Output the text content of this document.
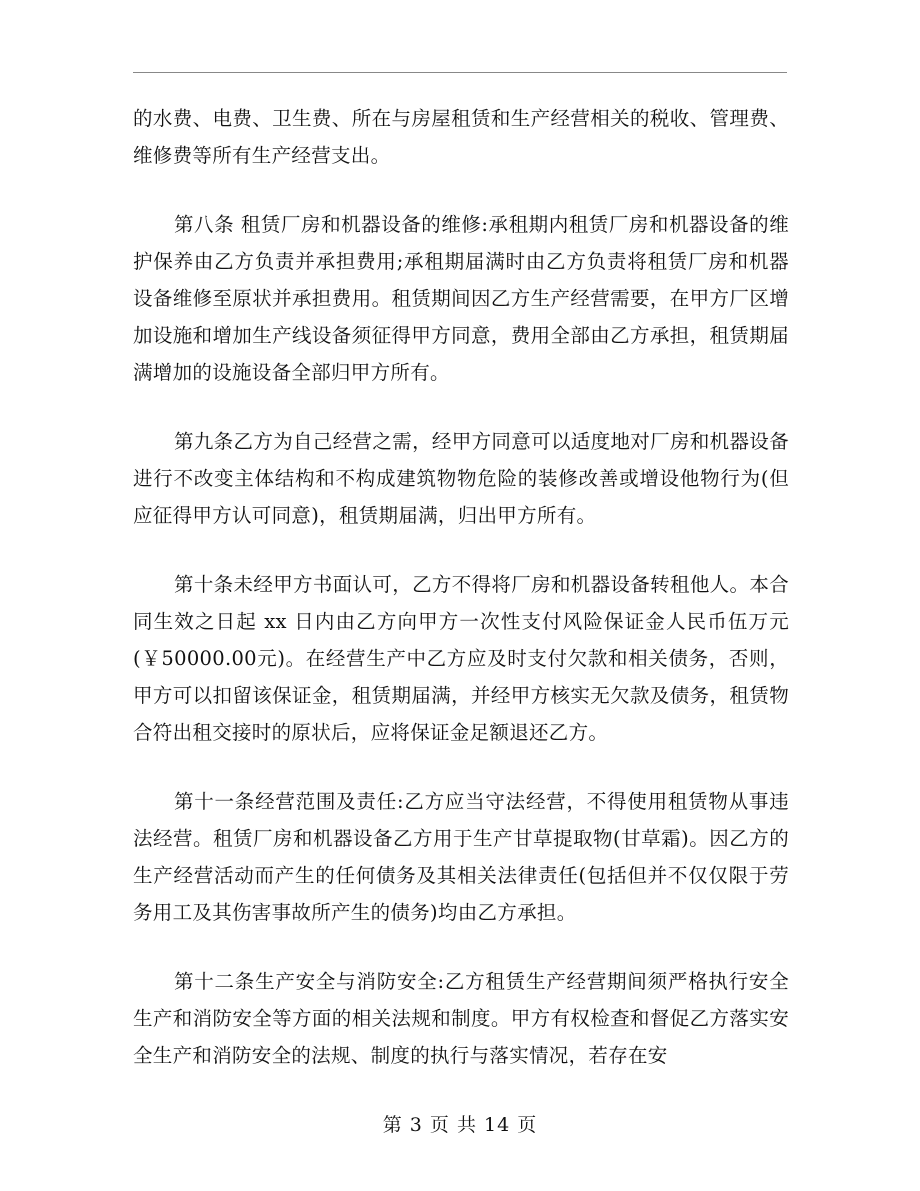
的水费、电费、卫生费、所在与房屋租赁和生产经营相关的税收、管理费、维修费等所有生产经营支出。

第八条 租赁厂房和机器设备的维修:承租期内租赁厂房和机器设备的维护保养由乙方负责并承担费用;承租期届满时由乙方负责将租赁厂房和机器设备维修至原状并承担费用。租赁期间因乙方生产经营需要，在甲方厂区增加设施和增加生产线设备须征得甲方同意，费用全部由乙方承担，租赁期届满增加的设施设备全部归甲方所有。

第九条乙方为自己经营之需，经甲方同意可以适度地对厂房和机器设备进行不改变主体结构和不构成建筑物物危险的装修改善或增设他物行为(但应征得甲方认可同意)，租赁期届满，归出甲方所有。

第十条未经甲方书面认可，乙方不得将厂房和机器设备转租他人。本合同生效之日起 xx 日内由乙方向甲方一次性支付风险保证金人民币伍万元(￥50000.00元)。在经营生产中乙方应及时支付欠款和相关债务，否则，甲方可以扣留该保证金，租赁期届满，并经甲方核实无欠款及债务，租赁物合符出租交接时的原状后，应将保证金足额退还乙方。

第十一条经营范围及责任:乙方应当守法经营，不得使用租赁物从事违法经营。租赁厂房和机器设备乙方用于生产甘草提取物(甘草霜)。因乙方的生产经营活动而产生的任何债务及其相关法律责任(包括但并不仅仅限于劳务用工及其伤害事故所产生的债务)均由乙方承担。

第十二条生产安全与消防安全:乙方租赁生产经营期间须严格执行安全生产和消防安全等方面的相关法规和制度。甲方有权检查和督促乙方落实安全生产和消防安全的法规、制度的执行与落实情况，若存在安

第 3 页 共 14 页
